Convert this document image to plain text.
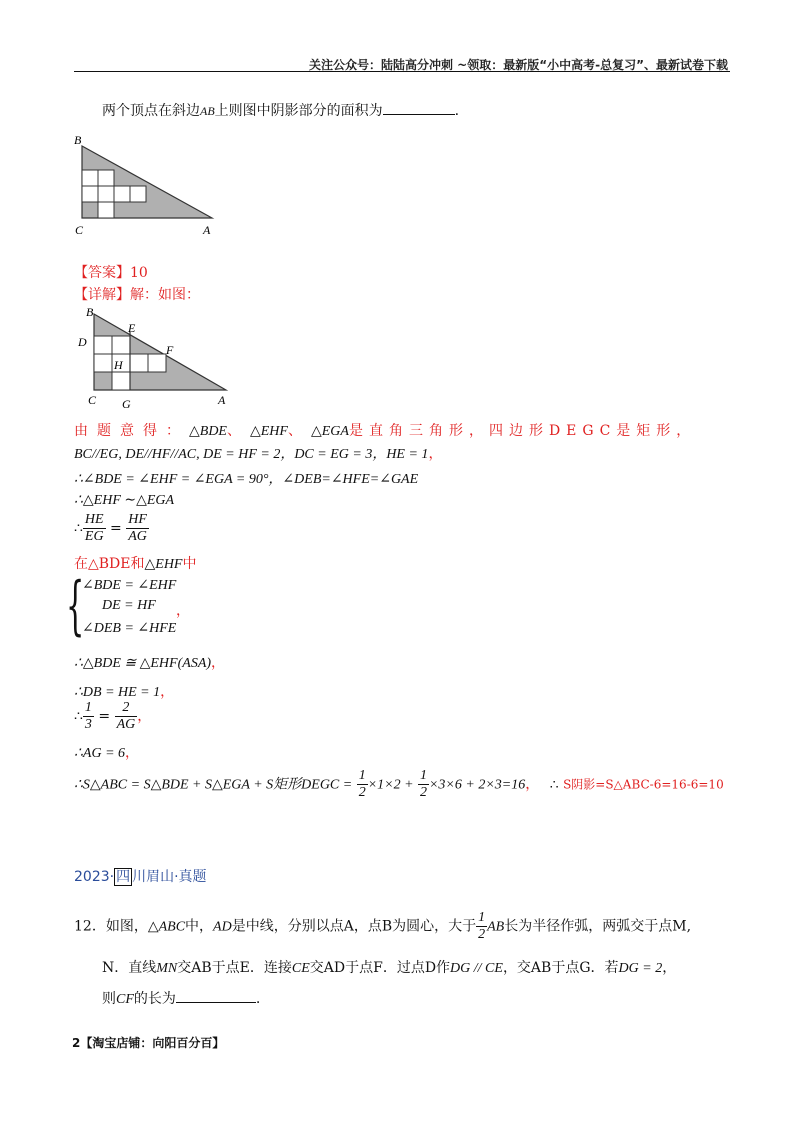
关注公众号：陆陆高分冲刺 ~领取：最新版“小中高考-总复习”、最新试卷下载
两个顶点在斜边AB上则图中阴影部分的面积为	.
B
C	A
【答案】10
【详解】解：如图：
B
D
E
F
H
C G	A
由题意得：△BDE、△EHF、△EGA是直角三角形，四边形DEGC是矩形，
BC//EG, DE//HF//AC, DE = HF = 2，DC = EG = 3，HE = 1，
∴∠BDE = ∠EHF = ∠EGA = 90°，∠DEB=∠HFE=∠GAE
∴△EHF ∼△EGA
∴ $\frac{HE}{EG} = \frac{HF}{AG}$
在△BDE和△EHF中
{
∠BDE = ∠EHF
DE = HF
∠DEB = ∠HFE
，
∴△BDE ≅ △EHF(ASA)，
∴DB = HE = 1，
∴ $\frac{1}{3} = \frac{2}{AG}$ ，
∴AG = 6，
∴S△ABC = S△BDE + S△EGA + S矩形DEGC = $\frac{1}{2} \times 1\times 2 + \frac{1}{2} \times 3\times 6 + 2\times 3=16$， ∴ S阴影=S△ABC-6=16-6=10
2023· 四 川眉山·真题
12．如图，△ABC中，AD是中线，分别以点A，点B为圆心，大于 $\frac{1}{2}$ AB长为半径作弧，两弧交于点M,
N．直线MN交AB于点E．连接CE交AD于点F．过点D作DG // CE，交AB于点G．若DG = 2，
则CF的长为	.
2【淘宝店铺：向阳百分百】
